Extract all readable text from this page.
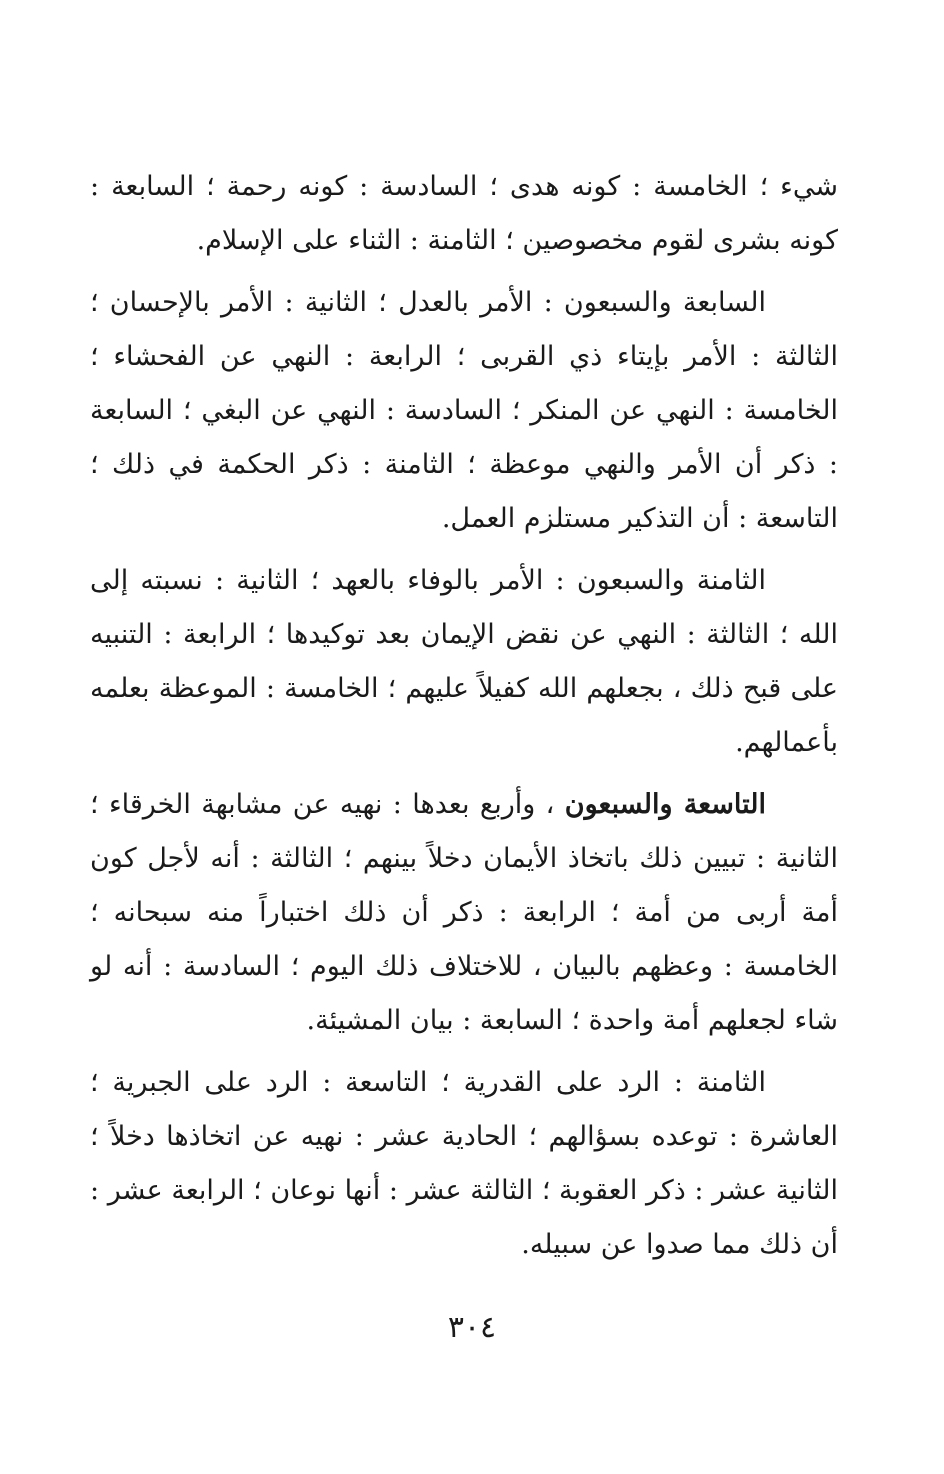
شيء ؛ الخامسة : كونه هدى ؛ السادسة : كونه رحمة ؛ السابعة : كونه بشرى لقوم مخصوصين ؛ الثامنة : الثناء على الإسلام.

السابعة والسبعون : الأمر بالعدل ؛ الثانية : الأمر بالإحسان ؛ الثالثة : الأمر بإيتاء ذي القربى ؛ الرابعة : النهي عن الفحشاء ؛ الخامسة : النهي عن المنكر ؛ السادسة : النهي عن البغي ؛ السابعة : ذكر أن الأمر والنهي موعظة ؛ الثامنة : ذكر الحكمة في ذلك ؛ التاسعة : أن التذكير مستلزم العمل.

الثامنة والسبعون : الأمر بالوفاء بالعهد ؛ الثانية : نسبته إلى الله ؛ الثالثة : النهي عن نقض الإيمان بعد توكيدها ؛ الرابعة : التنبيه على قبح ذلك ، بجعلهم الله كفيلاً عليهم ؛ الخامسة : الموعظة بعلمه بأعمالهم.

التاسعة والسبعون ، وأربع بعدها : نهيه عن مشابهة الخرقاء ؛ الثانية : تبيين ذلك باتخاذ الأيمان دخلاً بينهم ؛ الثالثة : أنه لأجل كون أمة أربى من أمة ؛ الرابعة : ذكر أن ذلك اختباراً منه سبحانه ؛ الخامسة : وعظهم بالبيان ، للاختلاف ذلك اليوم ؛ السادسة : أنه لو شاء لجعلهم أمة واحدة ؛ السابعة : بيان المشيئة.

الثامنة : الرد على القدرية ؛ التاسعة : الرد على الجبرية ؛ العاشرة : توعده بسؤالهم ؛ الحادية عشر : نهيه عن اتخاذها دخلاً ؛ الثانية عشر : ذكر العقوبة ؛ الثالثة عشر : أنها نوعان ؛ الرابعة عشر : أن ذلك مما صدوا عن سبيله.

٣٠٤
